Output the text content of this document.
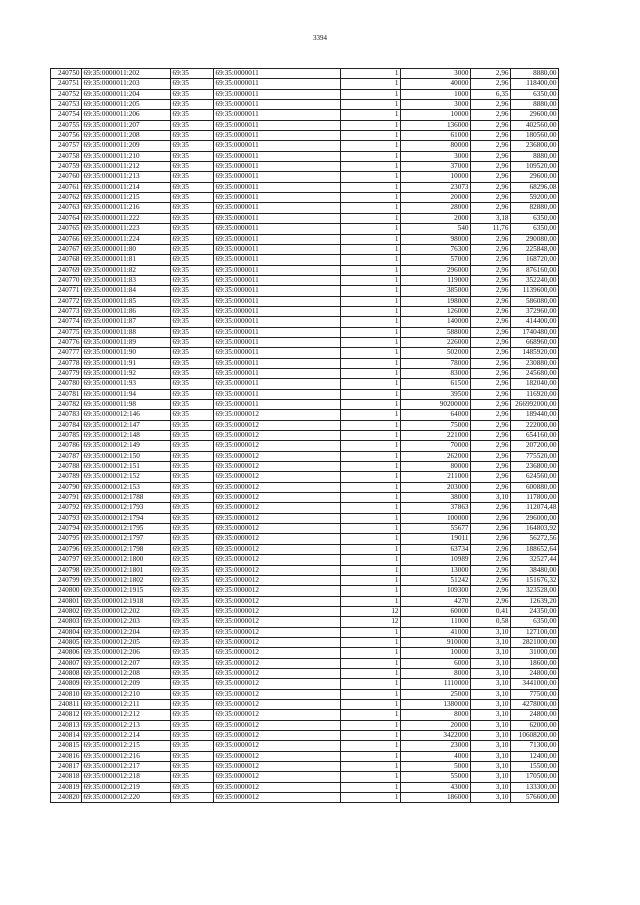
3394
240750	69:35:0000011:202	69:35	69:35:0000011	1	3000	2,96	8880,00
240751	69:35:0000011:203	69:35	69:35:0000011	1	40000	2,96	118400,00
240752	69:35:0000011:204	69:35	69:35:0000011	1	1000	6,35	6350,00
240753	69:35:0000011:205	69:35	69:35:0000011	1	3000	2,96	8880,00
240754	69:35:0000011:206	69:35	69:35:0000011	1	10000	2,96	29600,00
240755	69:35:0000011:207	69:35	69:35:0000011	1	136000	2,96	402560,00
240756	69:35:0000011:208	69:35	69:35:0000011	1	61000	2,96	180560,00
240757	69:35:0000011:209	69:35	69:35:0000011	1	80000	2,96	236800,00
240758	69:35:0000011:210	69:35	69:35:0000011	1	3000	2,96	8880,00
240759	69:35:0000011:212	69:35	69:35:0000011	1	37000	2,96	109520,00
240760	69:35:0000011:213	69:35	69:35:0000011	1	10000	2,96	29600,00
240761	69:35:0000011:214	69:35	69:35:0000011	1	23073	2,96	68296,08
240762	69:35:0000011:215	69:35	69:35:0000011	1	20000	2,96	59200,00
240763	69:35:0000011:216	69:35	69:35:0000011	1	28000	2,96	82880,00
240764	69:35:0000011:222	69:35	69:35:0000011	1	2000	3,18	6350,00
240765	69:35:0000011:223	69:35	69:35:0000011	1	540	11,76	6350,00
240766	69:35:0000011:224	69:35	69:35:0000011	1	98000	2,96	290080,00
240767	69:35:0000011:80	69:35	69:35:0000011	1	76300	2,96	225848,00
240768	69:35:0000011:81	69:35	69:35:0000011	1	57000	2,96	168720,00
240769	69:35:0000011:82	69:35	69:35:0000011	1	296000	2,96	876160,00
240770	69:35:0000011:83	69:35	69:35:0000011	1	119000	2,96	352240,00
240771	69:35:0000011:84	69:35	69:35:0000011	1	385000	2,96	1139600,00
240772	69:35:0000011:85	69:35	69:35:0000011	1	198000	2,96	586080,00
240773	69:35:0000011:86	69:35	69:35:0000011	1	126000	2,96	372960,00
240774	69:35:0000011:87	69:35	69:35:0000011	1	140000	2,96	414400,00
240775	69:35:0000011:88	69:35	69:35:0000011	1	588000	2,96	1740480,00
240776	69:35:0000011:89	69:35	69:35:0000011	1	226000	2,96	668960,00
240777	69:35:0000011:90	69:35	69:35:0000011	1	502000	2,96	1485920,00
240778	69:35:0000011:91	69:35	69:35:0000011	1	78000	2,96	230880,00
240779	69:35:0000011:92	69:35	69:35:0000011	1	83000	2,96	245680,00
240780	69:35:0000011:93	69:35	69:35:0000011	1	61500	2,96	182040,00
240781	69:35:0000011:94	69:35	69:35:0000011	1	39500	2,96	116920,00
240782	69:35:0000011:98	69:35	69:35:0000011	1	90200000	2,96	266992000,00
240783	69:35:0000012:146	69:35	69:35:0000012	1	64000	2,96	189440,00
240784	69:35:0000012:147	69:35	69:35:0000012	1	75000	2,96	222000,00
240785	69:35:0000012:148	69:35	69:35:0000012	1	221000	2,96	654160,00
240786	69:35:0000012:149	69:35	69:35:0000012	1	70000	2,96	207200,00
240787	69:35:0000012:150	69:35	69:35:0000012	1	262000	2,96	775520,00
240788	69:35:0000012:151	69:35	69:35:0000012	1	80000	2,96	236800,00
240789	69:35:0000012:152	69:35	69:35:0000012	1	211000	2,96	624560,00
240790	69:35:0000012:153	69:35	69:35:0000012	1	203000	2,96	600880,00
240791	69:35:0000012:1788	69:35	69:35:0000012	1	38000	3,10	117800,00
240792	69:35:0000012:1793	69:35	69:35:0000012	1	37863	2,96	112074,48
240793	69:35:0000012:1794	69:35	69:35:0000012	1	100000	2,96	296000,00
240794	69:35:0000012:1795	69:35	69:35:0000012	1	55677	2,96	164803,92
240795	69:35:0000012:1797	69:35	69:35:0000012	1	19011	2,96	56272,56
240796	69:35:0000012:1798	69:35	69:35:0000012	1	63734	2,96	188652,64
240797	69:35:0000012:1800	69:35	69:35:0000012	1	10989	2,96	32527,44
240798	69:35:0000012:1801	69:35	69:35:0000012	1	13000	2,96	38480,00
240799	69:35:0000012:1802	69:35	69:35:0000012	1	51242	2,96	151676,32
240800	69:35:0000012:1915	69:35	69:35:0000012	1	109300	2,96	323528,00
240801	69:35:0000012:1918	69:35	69:35:0000012	1	4270	2,96	12639,20
240802	69:35:0000012:202	69:35	69:35:0000012	12	60000	0,41	24350,00
240803	69:35:0000012:203	69:35	69:35:0000012	12	11000	0,58	6350,00
240804	69:35:0000012:204	69:35	69:35:0000012	1	41000	3,10	127100,00
240805	69:35:0000012:205	69:35	69:35:0000012	1	910000	3,10	2821000,00
240806	69:35:0000012:206	69:35	69:35:0000012	1	10000	3,10	31000,00
240807	69:35:0000012:207	69:35	69:35:0000012	1	6000	3,10	18600,00
240808	69:35:0000012:208	69:35	69:35:0000012	1	8000	3,10	24800,00
240809	69:35:0000012:209	69:35	69:35:0000012	1	1110000	3,10	3441000,00
240810	69:35:0000012:210	69:35	69:35:0000012	1	25000	3,10	77500,00
240811	69:35:0000012:211	69:35	69:35:0000012	1	1380000	3,10	4278000,00
240812	69:35:0000012:212	69:35	69:35:0000012	1	8000	3,10	24800,00
240813	69:35:0000012:213	69:35	69:35:0000012	1	20000	3,10	62000,00
240814	69:35:0000012:214	69:35	69:35:0000012	1	3422000	3,10	10608200,00
240815	69:35:0000012:215	69:35	69:35:0000012	1	23000	3,10	71300,00
240816	69:35:0000012:216	69:35	69:35:0000012	1	4000	3,10	12400,00
240817	69:35:0000012:217	69:35	69:35:0000012	1	5000	3,10	15500,00
240818	69:35:0000012:218	69:35	69:35:0000012	1	55000	3,10	170500,00
240819	69:35:0000012:219	69:35	69:35:0000012	1	43000	3,10	133300,00
240820	69:35:0000012:220	69:35	69:35:0000012	1	186000	3,10	576600,00
